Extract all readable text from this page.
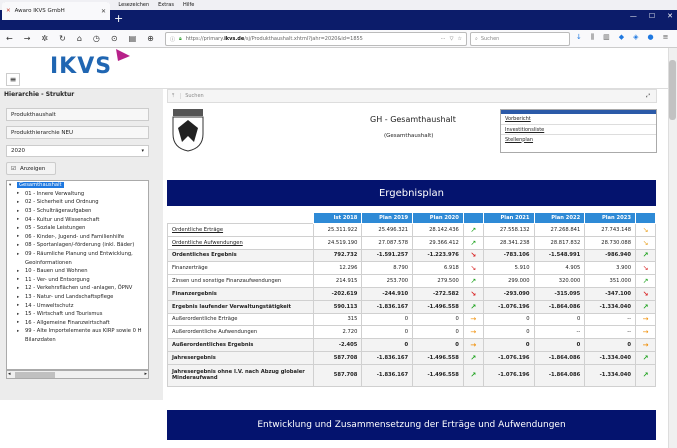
Lesezeichen Extras Hilfe
✕ Awaro IKVS GmbH	✕
+	— ☐ ✕
← → ✲ ↻ ⌂ ◷ ⊙ ▤ ⊕	ⓘ 🔒︎ https://primary.ikvs.de/sj/Produkthaushalt.xhtml?jahr=2020&id=1855	⋯ ▽ ☆	⌕ Suchen	↓ ⫼ ▥ ◆ ◈ ● ≡
IKVS
≡
Hierarchie - Struktur
Produkthaushalt
Produkthierarchie NEU
2020	▾
☑ Anzeigen
▾	Gesamthaushalt
▸	01 - Innere Verwaltung
▸	02 - Sicherheit und Ordnung
▸	03 - Schulträgeraufgaben
▸	04 - Kultur und Wissenschaft
▸	05 - Soziale Leistungen
▸	06 - Kinder-, Jugend- und Familienhilfe
▸	08 - Sportanlagen/-förderung (inkl. Bäder)
▸	09 - Räumliche Planung und Entwicklung,
Geoinformationen
▸	10 - Bauen und Wohnen
▸	11 - Ver- und Entsorgung
▸	12 - Verkehrsflächen und -anlagen, ÖPNV
▸	13 - Natur- und Landschaftspflege
▸	14 - Umweltschutz
▸	15 - Wirtschaft und Tourismus
▸	16 - Allgemeine Finanzwirtschaft
▸	99 - Alte Importelemente aus KIRP sowie 0 H
Bilanzdaten
◂	▸
⤒	Suchen	⤢
GH - Gesamthaushalt
(Gesamthaushalt)
Vorbericht
Investitionsliste
Stellenplan
Ergebnisplan
	Ist 2018	Plan 2019	Plan 2020		Plan 2021	Plan 2022	Plan 2023	
Ordentliche Erträge	25.311.922	25.496.321	28.142.436	↗	27.558.132	27.268.841	27.743.148	↘
Ordentliche Aufwendungen	24.519.190	27.087.578	29.366.412	↗	28.341.238	28.817.832	28.730.088	↘
Ordentliches Ergebnis	792.732	-1.591.257	-1.223.976	↘	-783.106	-1.548.991	-986.940	↗
Finanzerträge	12.296	8.790	6.918	↘	5.910	4.905	3.900	↘
Zinsen und sonstige Finanzaufwendungen	214.915	253.700	279.500	↗	299.000	320.000	351.000	↗
Finanzergebnis	-202.619	-244.910	-272.582	↘	-293.090	-315.095	-347.100	↘
Ergebnis laufender Verwaltungstätigkeit	590.113	-1.836.167	-1.496.558	↗	-1.076.196	-1.864.086	-1.334.040	↗
Außerordentliche Erträge	315	0	0	→	0	0	--	→
Außerordentliche Aufwendungen	2.720	0	0	→	0	--	--	→
Außerordentliches Ergebnis	-2.405	0	0	→	0	0	0	→
Jahresergebnis	587.708	-1.836.167	-1.496.558	↗	-1.076.196	-1.864.086	-1.334.040	↗
Jahresergebnis ohne I.V. nach Abzug globaler Minderaufwand	587.708	-1.836.167	-1.496.558	↗	-1.076.196	-1.864.086	-1.334.040	↗
Entwicklung und Zusammensetzung der Erträge und Aufwendungen
